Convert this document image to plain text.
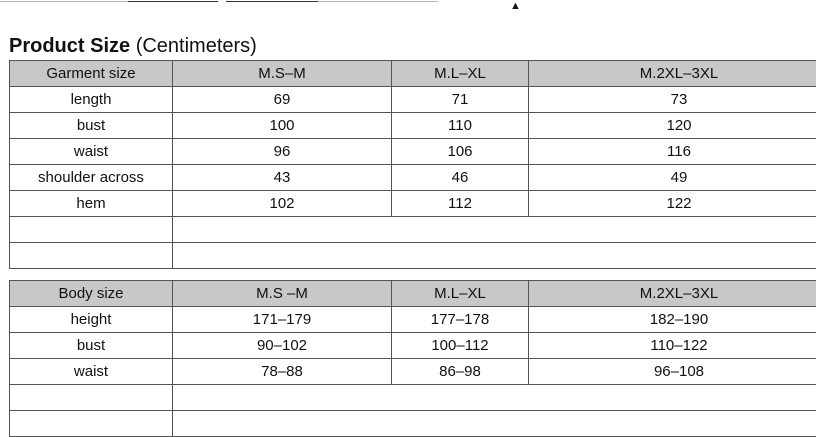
▲
Product Size (Centimeters)
Garment size	M.S–M	M.L–XL	M.2XL–3XL
length	69	71	73
bust	100	110	120
waist	96	106	116
shoulder across	43	46	49
hem	102	112	122

Body size	M.S –M	M.L–XL	M.2XL–3XL
height	171–179	177–178	182–190
bust	90–102	100–112	110–122
waist	78–88	86–98	96–108
